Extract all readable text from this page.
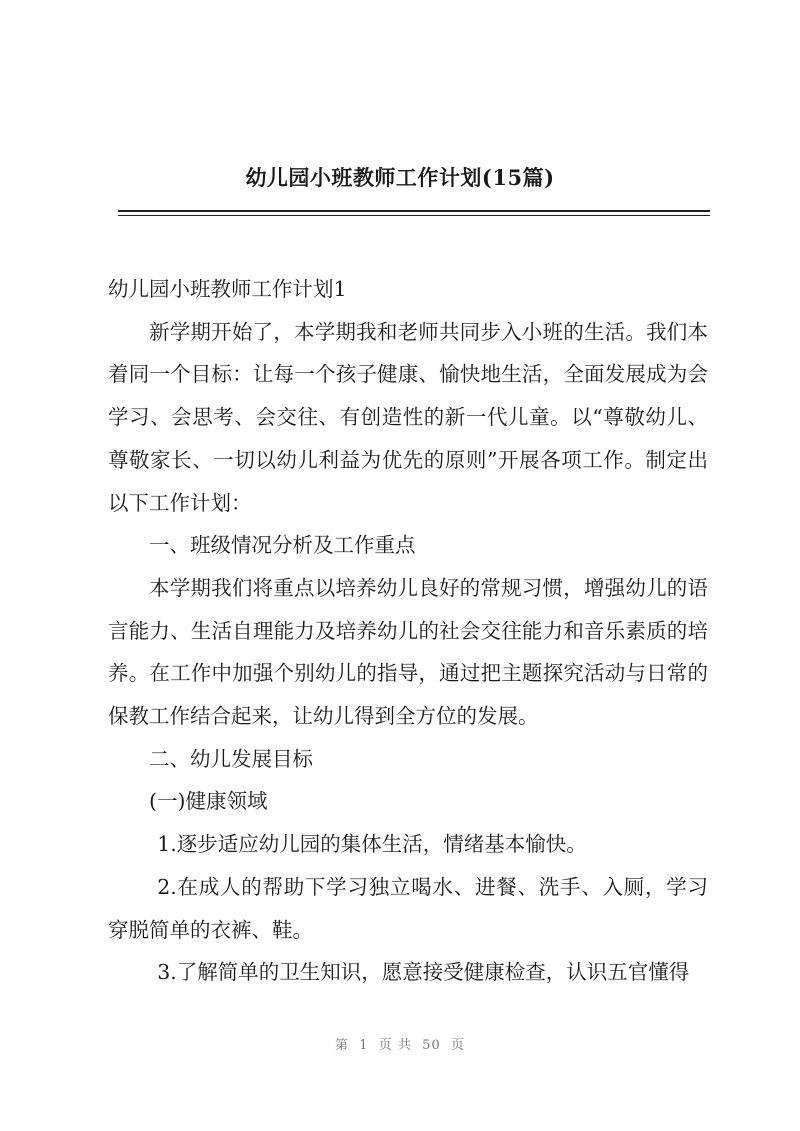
幼儿园小班教师工作计划(15篇)

幼儿园小班教师工作计划1

新学期开始了，本学期我和老师共同步入小班的生活。我们本着同一个目标：让每一个孩子健康、愉快地生活，全面发展成为会学习、会思考、会交往、有创造性的新一代儿童。以“尊敬幼儿、尊敬家长、一切以幼儿利益为优先的原则”开展各项工作。制定出以下工作计划：

一、班级情况分析及工作重点

本学期我们将重点以培养幼儿良好的常规习惯，增强幼儿的语言能力、生活自理能力及培养幼儿的社会交往能力和音乐素质的培养。在工作中加强个别幼儿的指导，通过把主题探究活动与日常的保教工作结合起来，让幼儿得到全方位的发展。

二、幼儿发展目标

(一)健康领域

1.逐步适应幼儿园的集体生活，情绪基本愉快。

2.在成人的帮助下学习独立喝水、进餐、洗手、入厕，学习穿脱简单的衣裤、鞋。

3.了解简单的卫生知识，愿意接受健康检查，认识五官懂得

第  1  页 共  50  页
